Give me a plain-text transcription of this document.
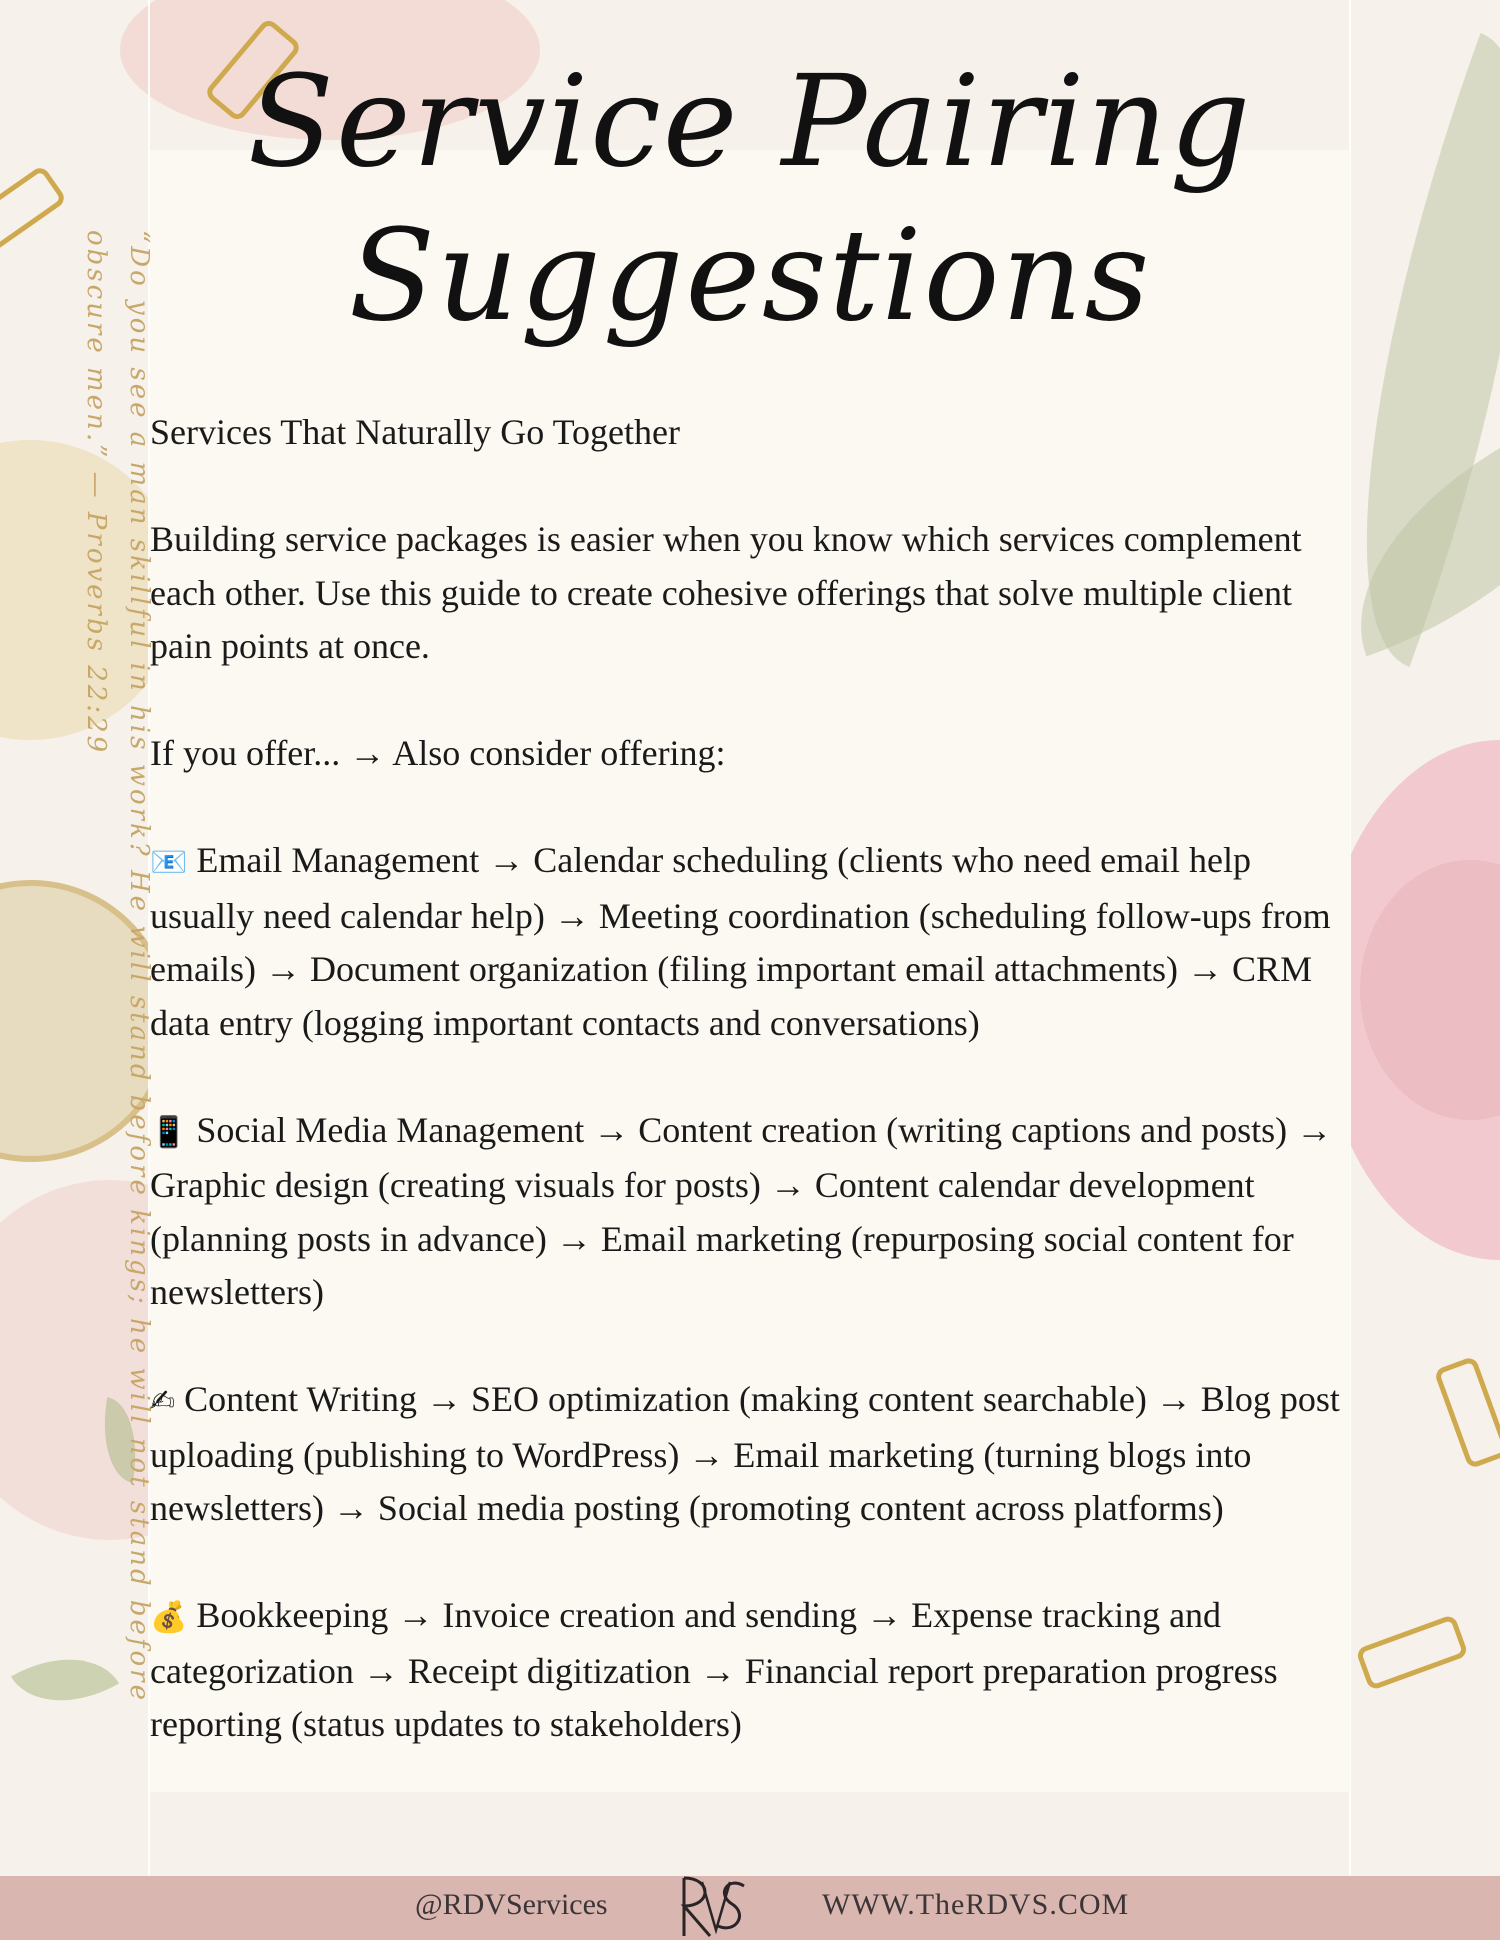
“Do you see a man skillful in his work? He will stand before kings; he will not stand before obscure men.” — Proverbs 22:29
Service Pairing
Suggestions

Services That Naturally Go Together

Building service packages is easier when you know which services complement each other. Use this guide to create cohesive offerings that solve multiple client pain points at once.

If you offer... → Also consider offering:

📧 Email Management → Calendar scheduling (clients who need email help usually need calendar help) → Meeting coordination (scheduling follow-ups from emails) → Document organization (filing important email attachments) → CRM data entry (logging important contacts and conversations)

📱 Social Media Management → Content creation (writing captions and posts) → Graphic design (creating visuals for posts) → Content calendar development (planning posts in advance) → Email marketing (repurposing social content for newsletters)

✍ Content Writing → SEO optimization (making content searchable) → Blog post uploading (publishing to WordPress) → Email marketing (turning blogs into newsletters) → Social media posting (promoting content across platforms)

💰 Bookkeeping → Invoice creation and sending → Expense tracking and categorization → Receipt digitization → Financial report preparation progress reporting (status updates to stakeholders)

@RDVServices	WWW.TheRDVS.COM
